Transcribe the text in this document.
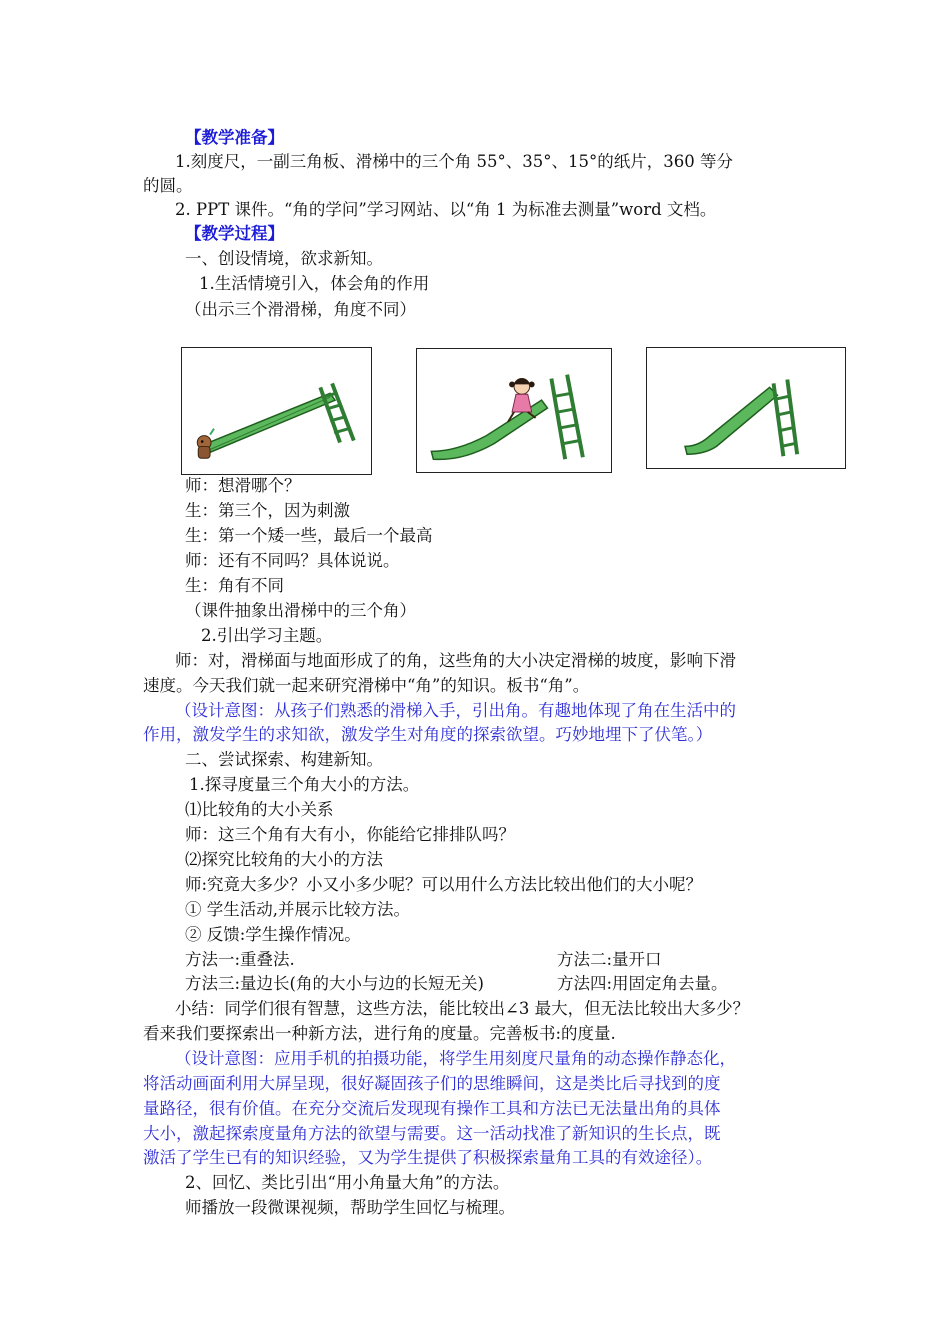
【教学准备】
1.刻度尺，一副三角板、滑梯中的三个角 55°、35°、15°的纸片，360 等分
的圆。
2. PPT 课件。“角的学问”学习网站、以“角 1 为标准去测量”word 文档。
【教学过程】
一、创设情境，欲求新知。
1.生活情境引入，体会角的作用
（出示三个滑滑梯，角度不同）
师：想滑哪个？
生：第三个，因为刺激
生：第一个矮一些，最后一个最高
师：还有不同吗？具体说说。
生：角有不同
（课件抽象出滑梯中的三个角）
2.引出学习主题。
师：对，滑梯面与地面形成了的角，这些角的大小决定滑梯的坡度，影响下滑
速度。今天我们就一起来研究滑梯中“角”的知识。板书“角”。
（设计意图：从孩子们熟悉的滑梯入手，引出角。有趣地体现了角在生活中的
作用，激发学生的求知欲，激发学生对角度的探索欲望。巧妙地埋下了伏笔。）
二、尝试探索、构建新知。
1.探寻度量三个角大小的方法。
⑴比较角的大小关系
师：这三个角有大有小，你能给它排排队吗？
⑵探究比较角的大小的方法
师:究竟大多少？小又小多少呢？可以用什么方法比较出他们的大小呢？
① 学生活动,并展示比较方法。
② 反馈:学生操作情况。
方法一:重叠法.	方法二:量开口
方法三:量边长(角的大小与边的长短无关)	方法四:用固定角去量。
小结：同学们很有智慧，这些方法，能比较出∠3 最大，但无法比较出大多少？
看来我们要探索出一种新方法，进行角的度量。完善板书:的度量.
（设计意图：应用手机的拍摄功能，将学生用刻度尺量角的动态操作静态化，
将活动画面利用大屏呈现，很好凝固孩子们的思维瞬间，这是类比后寻找到的度
量路径，很有价值。在充分交流后发现现有操作工具和方法已无法量出角的具体
大小，激起探索度量角方法的欲望与需要。这一活动找准了新知识的生长点，既
激活了学生已有的知识经验，又为学生提供了积极探索量角工具的有效途径）。
2、回忆、类比引出“用小角量大角”的方法。
师播放一段微课视频，帮助学生回忆与梳理。
